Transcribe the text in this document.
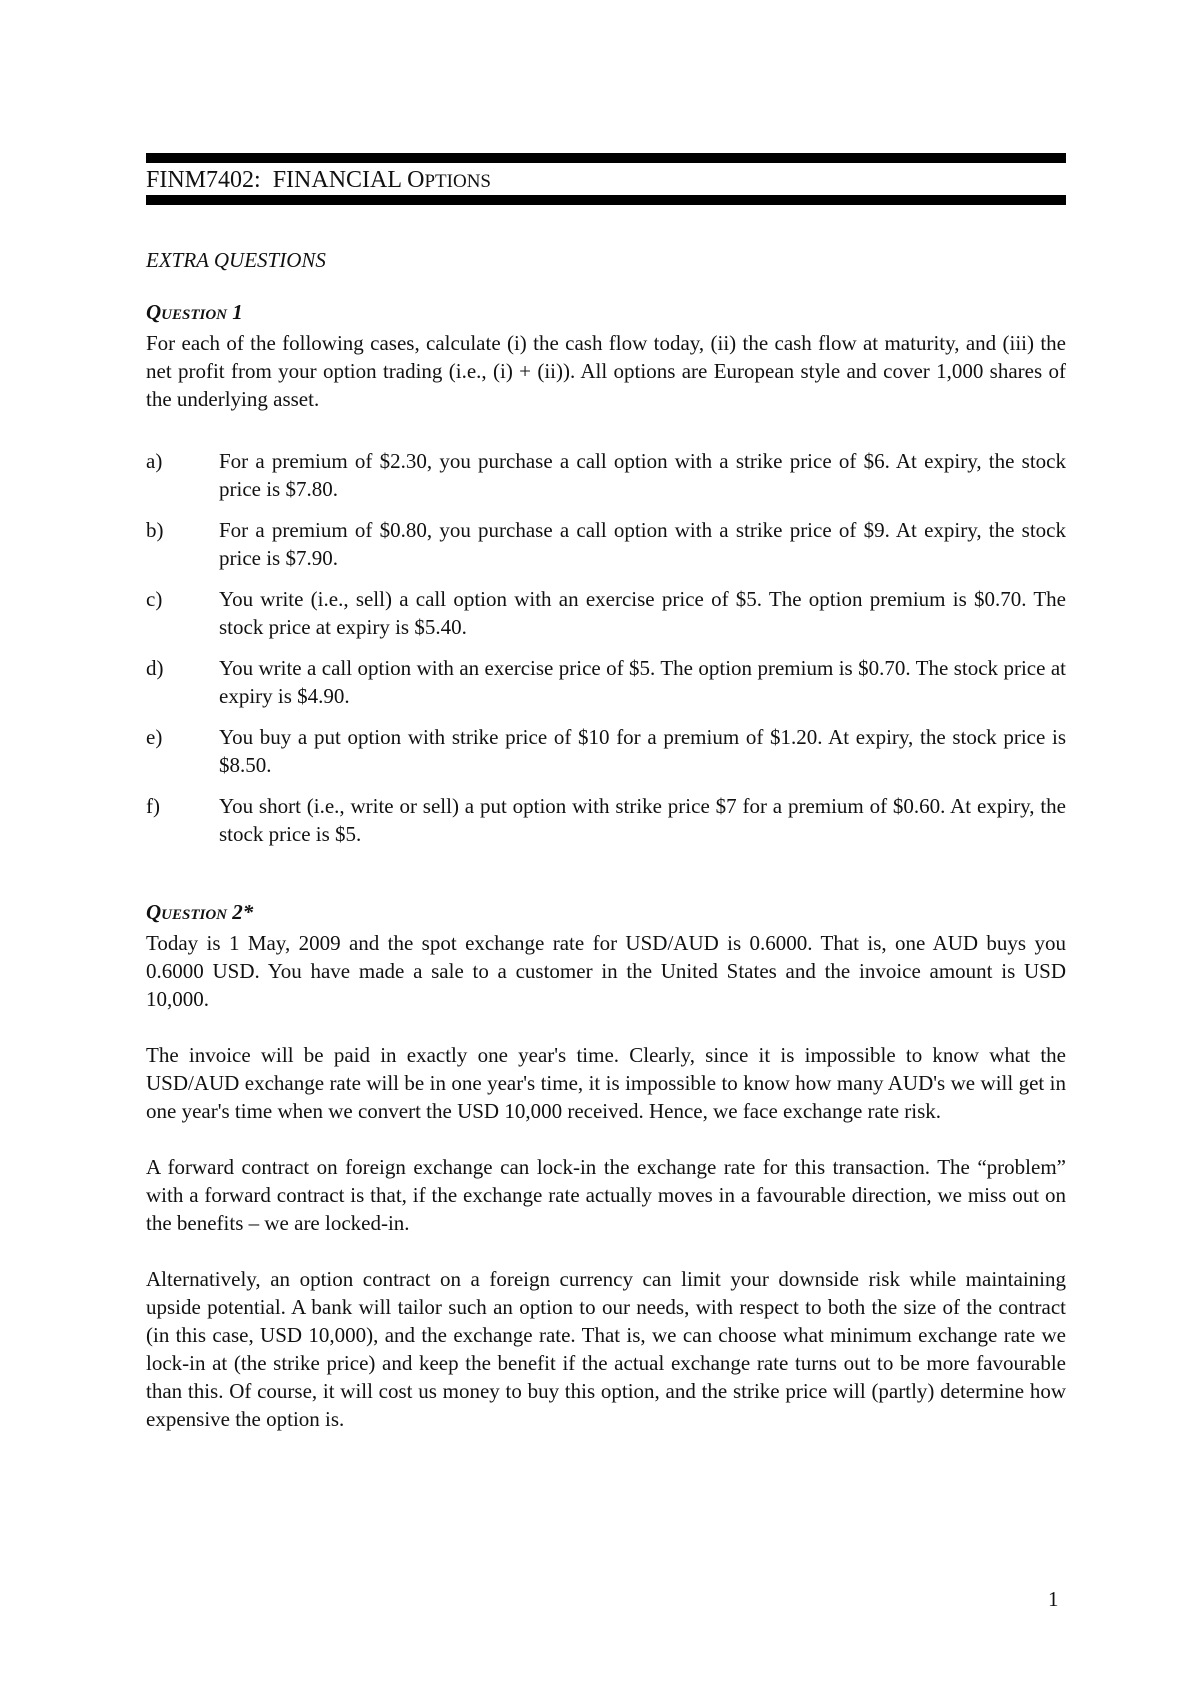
FINM7402: FINANCIAL OPTIONS

EXTRA QUESTIONS

QUESTION 1

For each of the following cases, calculate (i) the cash flow today, (ii) the cash flow at maturity, and (iii) the net profit from your option trading (i.e., (i) + (ii)). All options are European style and cover 1,000 shares of the underlying asset.

a)	For a premium of $2.30, you purchase a call option with a strike price of $6. At expiry, the stock price is $7.80.
b)	For a premium of $0.80, you purchase a call option with a strike price of $9. At expiry, the stock price is $7.90.
c)	You write (i.e., sell) a call option with an exercise price of $5. The option premium is $0.70. The stock price at expiry is $5.40.
d)	You write a call option with an exercise price of $5. The option premium is $0.70. The stock price at expiry is $4.90.
e)	You buy a put option with strike price of $10 for a premium of $1.20. At expiry, the stock price is $8.50.
f)	You short (i.e., write or sell) a put option with strike price $7 for a premium of $0.60. At expiry, the stock price is $5.

QUESTION 2*

Today is 1 May, 2009 and the spot exchange rate for USD/AUD is 0.6000. That is, one AUD buys you 0.6000 USD. You have made a sale to a customer in the United States and the invoice amount is USD 10,000.

The invoice will be paid in exactly one year's time. Clearly, since it is impossible to know what the USD/AUD exchange rate will be in one year's time, it is impossible to know how many AUD's we will get in one year's time when we convert the USD 10,000 received. Hence, we face exchange rate risk.

A forward contract on foreign exchange can lock-in the exchange rate for this transaction. The “problem” with a forward contract is that, if the exchange rate actually moves in a favourable direction, we miss out on the benefits – we are locked-in.

Alternatively, an option contract on a foreign currency can limit your downside risk while maintaining upside potential. A bank will tailor such an option to our needs, with respect to both the size of the contract (in this case, USD 10,000), and the exchange rate. That is, we can choose what minimum exchange rate we lock-in at (the strike price) and keep the benefit if the actual exchange rate turns out to be more favourable than this. Of course, it will cost us money to buy this option, and the strike price will (partly) determine how expensive the option is.

1
